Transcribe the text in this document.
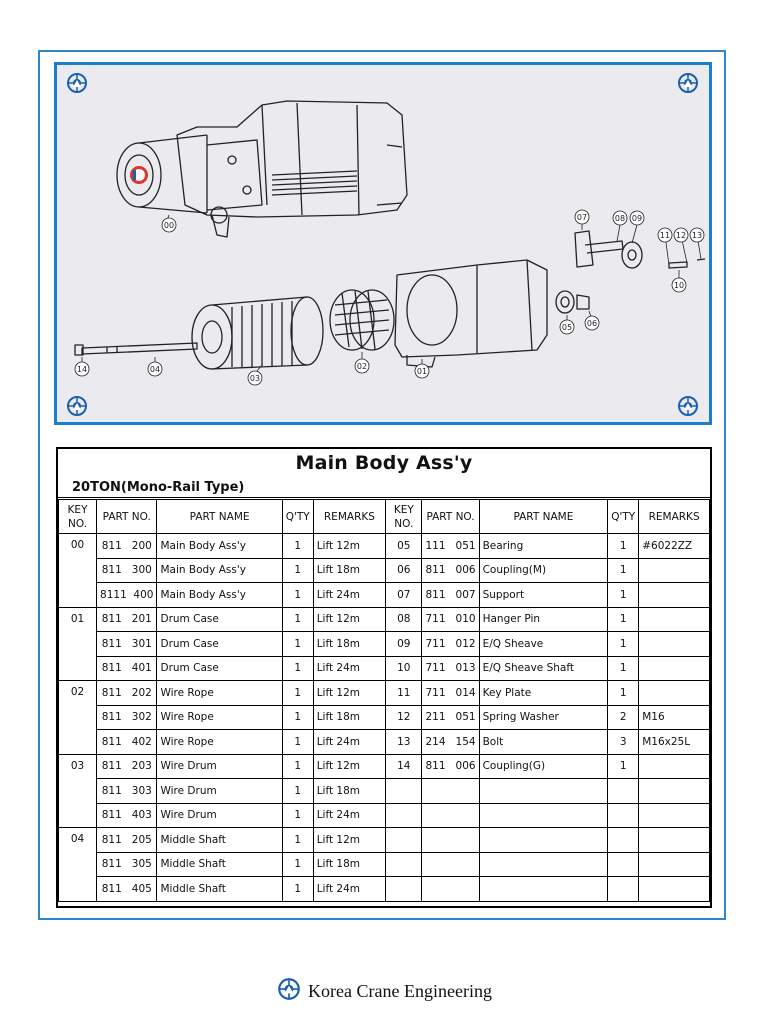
00
01
02
03
04
05 06
07	08 09
10
11 12 13
14
Main Body Ass'y
20TON(Mono-Rail Type)
KEY NO.	PART NO.	PART NAME	Q'TY	REMARKS	KEY NO.	PART NO.	PART NAME	Q'TY	REMARKS
00	811   200	Main Body Ass'y	1	Lift 12m	05	111   051	Bearing	1	#6022ZZ
	811   300	Main Body Ass'y	1	Lift 18m	06	811   006	Coupling(M)	1	
	8111  400	Main Body Ass'y	1	Lift 24m	07	811   007	Support	1	
01	811   201	Drum Case	1	Lift 12m	08	711   010	Hanger Pin	1	
	811   301	Drum Case	1	Lift 18m	09	711   012	E/Q Sheave	1	
	811   401	Drum Case	1	Lift 24m	10	711   013	E/Q Sheave Shaft	1	
02	811   202	Wire Rope	1	Lift 12m	11	711   014	Key Plate	1	
	811   302	Wire Rope	1	Lift 18m	12	211   051	Spring Washer	2	M16
	811   402	Wire Rope	1	Lift 24m	13	214   154	Bolt	3	M16x25L
03	811   203	Wire Drum	1	Lift 12m	14	811   006	Coupling(G)	1	
	811   303	Wire Drum	1	Lift 18m					
	811   403	Wire Drum	1	Lift 24m					
04	811   205	Middle Shaft	1	Lift 12m					
	811   305	Middle Shaft	1	Lift 18m					
	811   405	Middle Shaft	1	Lift 24m					
Korea Crane Engineering
